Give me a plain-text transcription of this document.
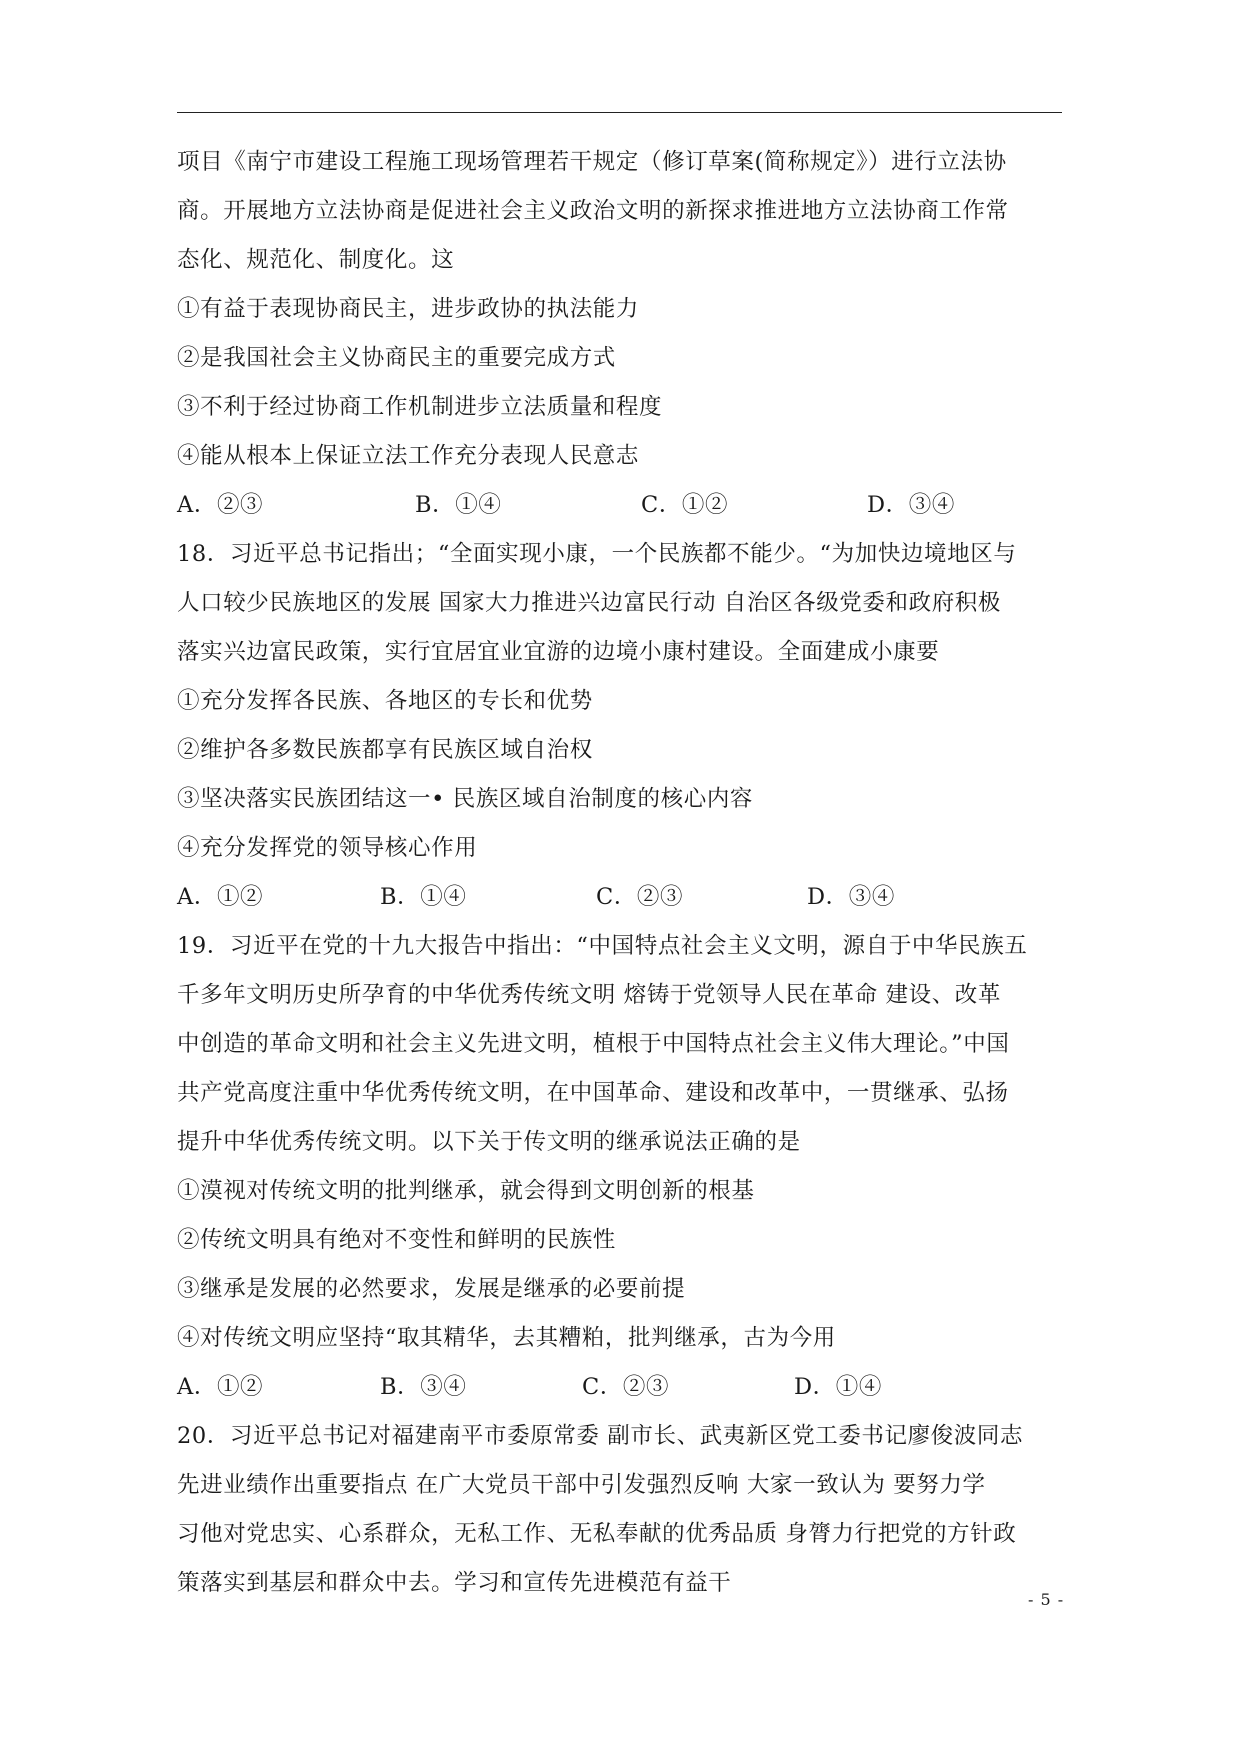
项目《南宁市建设工程施工现场管理若干规定（修订草案(简称规定》）进行立法协
商。开展地方立法协商是促进社会主义政治文明的新探求推进地方立法协商工作常
态化、规范化、制度化。这
①有益于表现协商民主，进步政协的执法能力
②是我国社会主义协商民主的重要完成方式
③不利于经过协商工作机制进步立法质量和程度
④能从根本上保证立法工作充分表现人民意志
A．②③	B．①④	C．①②	D．③④
18．习近平总书记指出；“全面实现小康，一个民族都不能少。“为加快边境地区与
人口较少民族地区的发展 国家大力推进兴边富民行动 自治区各级党委和政府积极
落实兴边富民政策，实行宜居宜业宜游的边境小康村建设。全面建成小康要
①充分发挥各民族、各地区的专长和优势
②维护各多数民族都享有民族区域自治权
③坚决落实民族团结这一• 民族区域自治制度的核心内容
④充分发挥党的领导核心作用
A．①②	B．①④	C．②③	D．③④
19．习近平在党的十九大报告中指出：“中国特点社会主义文明，源自于中华民族五
千多年文明历史所孕育的中华优秀传统文明 熔铸于党领导人民在革命 建设、改革
中创造的革命文明和社会主义先进文明，植根于中国特点社会主义伟大理论。”中国
共产党高度注重中华优秀传统文明，在中国革命、建设和改革中，一贯继承、弘扬
提升中华优秀传统文明。以下关于传文明的继承说法正确的是
①漠视对传统文明的批判继承，就会得到文明创新的根基
②传统文明具有绝对不变性和鲜明的民族性
③继承是发展的必然要求，发展是继承的必要前提
④对传统文明应坚持“取其精华，去其糟粕，批判继承，古为今用
A．①②	B．③④	C．②③	D．①④
20．习近平总书记对福建南平市委原常委 副市长、武夷新区党工委书记廖俊波同志
先进业绩作出重要指点 在广大党员干部中引发强烈反响 大家一致认为 要努力学
习他对党忠实、心系群众，无私工作、无私奉献的优秀品质 身膂力行把党的方针政
策落实到基层和群众中去。学习和宣传先进模范有益干
- 5 -
